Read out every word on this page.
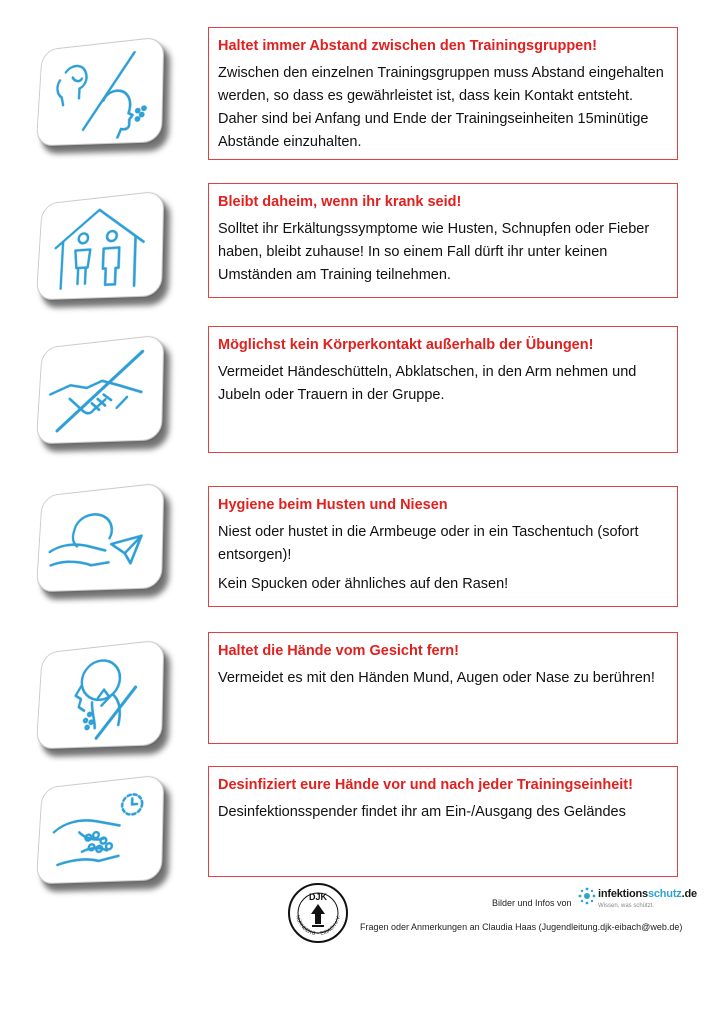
Haltet immer Abstand zwischen den Trainingsgruppen!

Zwischen den einzelnen Trainingsgruppen muss Abstand eingehalten werden, so dass es gewährleistet ist, dass kein Kontakt entsteht. Daher sind bei Anfang und Ende der Trainingseinheiten 15minütige Abstände einzuhalten.

Bleibt daheim, wenn ihr krank seid!

Solltet ihr Erkältungssymptome wie Husten, Schnupfen oder Fieber haben, bleibt zuhause! In so einem Fall dürft ihr unter keinen Umständen am Training teilnehmen.

Möglichst kein Körperkontakt außerhalb der Übungen!

Vermeidet Händeschütteln, Abklatschen, in den Arm nehmen und Jubeln oder Trauern in der Gruppe.

Hygiene beim Husten und Niesen

Niest oder hustet in die Armbeuge oder in ein Taschentuch (sofort entsorgen)!

Kein Spucken oder ähnliches auf den Rasen!

Haltet die Hände vom Gesicht fern!

Vermeidet es mit den Händen Mund, Augen oder Nase zu berühren!

Desinfiziert eure Hände vor und nach jeder Trainingseinheit!

Desinfektionsspender findet ihr am Ein-/Ausgang des Geländes

DJK
NÜRNBERG – EIBACH e.V.
Bilder und Infos von
infektionsschutz.de
Wissen, was schützt.
Fragen oder Anmerkungen an Claudia Haas (Jugendleitung.djk-eibach@web.de)
